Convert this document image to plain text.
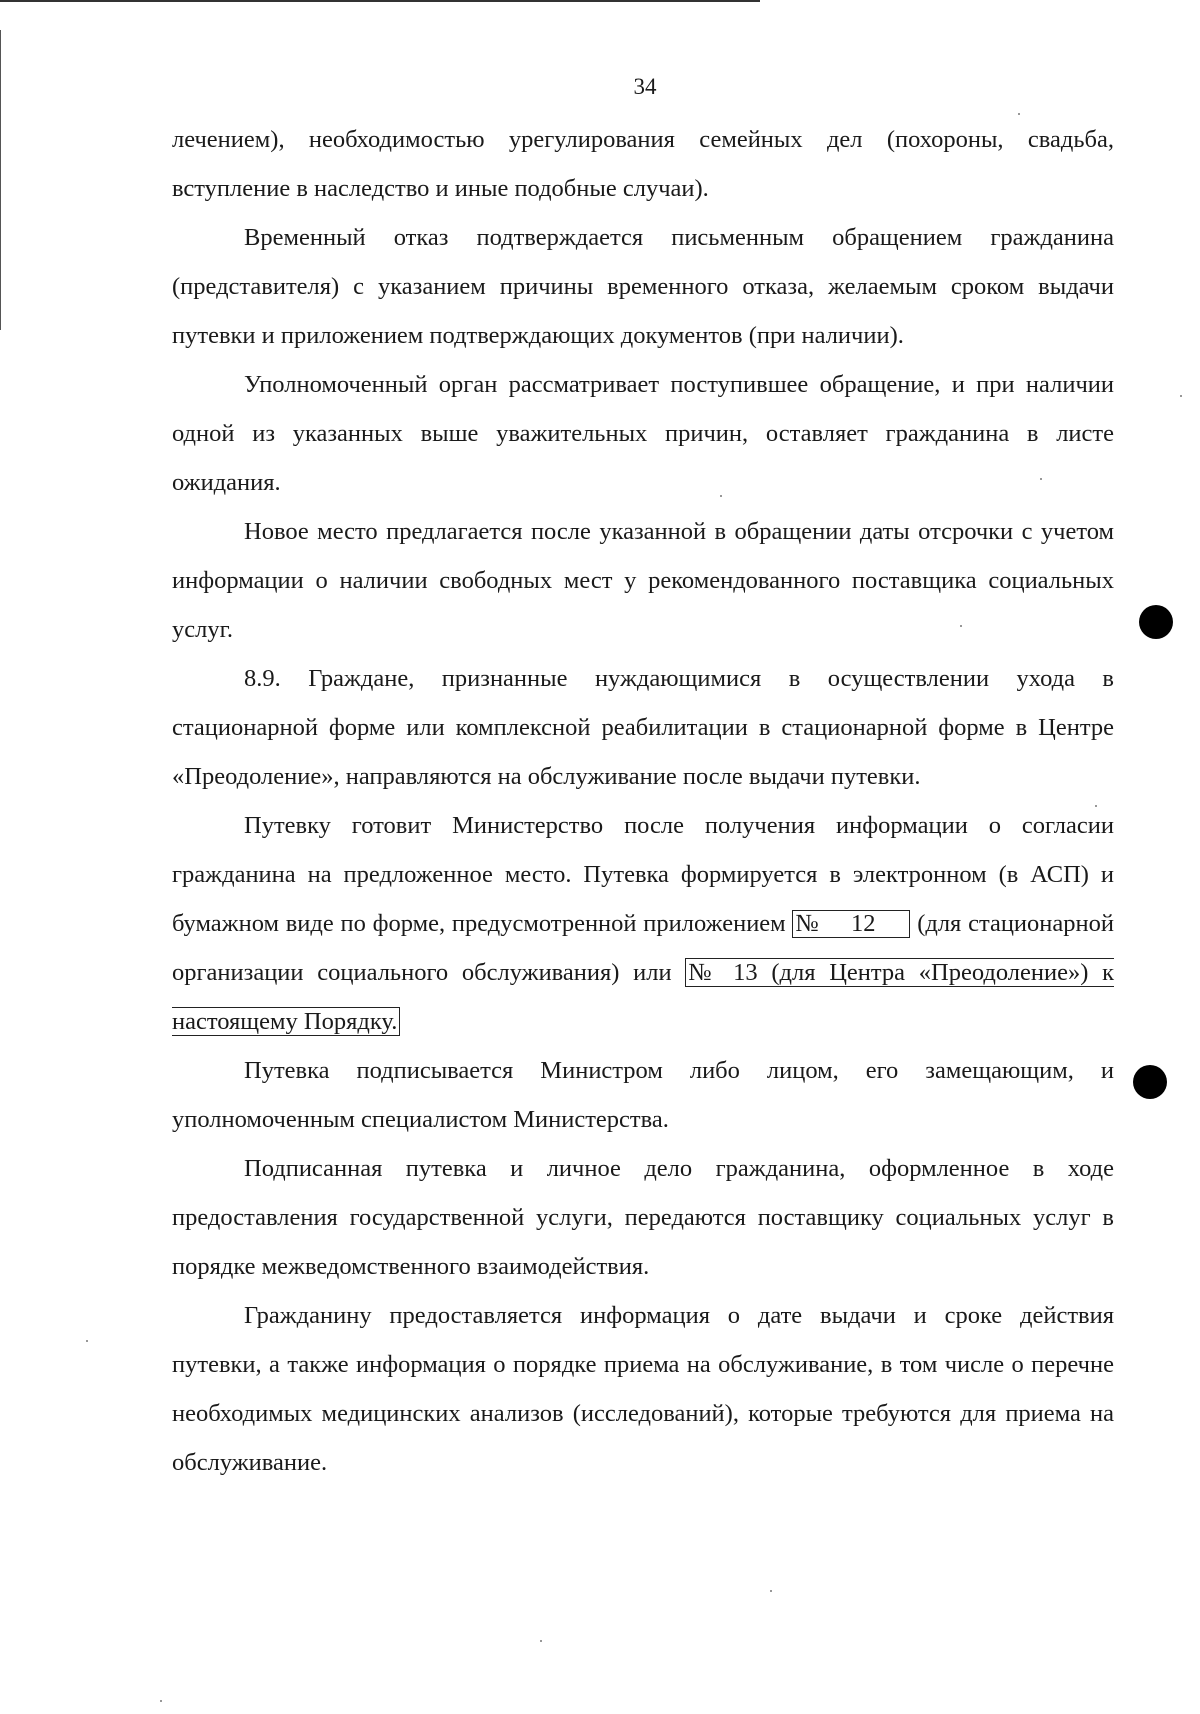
34

лечением), необходимостью урегулирования семейных дел (похороны, свадьба, вступление в наследство и иные подобные случаи).

Временный отказ подтверждается письменным обращением гражданина (представителя) с указанием причины временного отказа, желаемым сроком выдачи путевки и приложением подтверждающих документов (при наличии).

Уполномоченный орган рассматривает поступившее обращение, и при наличии одной из указанных выше уважительных причин, оставляет гражданина в листе ожидания.

Новое место предлагается после указанной в обращении даты отсрочки с учетом информации о наличии свободных мест у рекомендованного поставщика социальных услуг.

8.9. Граждане, признанные нуждающимися в осуществлении ухода в стационарной форме или комплексной реабилитации в стационарной форме в Центре «Преодоление», направляются на обслуживание после выдачи путевки.

Путевку готовит Министерство после получения информации о согласии гражданина на предложенное место. Путевка формируется в электронном (в АСП) и бумажном виде по форме, предусмотренной приложением № 12 (для стационарной организации социального обслуживания) или № 13 (для Центра «Преодоление») к настоящему Порядку.

Путевка подписывается Министром либо лицом, его замещающим, и уполномоченным специалистом Министерства.

Подписанная путевка и личное дело гражданина, оформленное в ходе предоставления государственной услуги, передаются поставщику социальных услуг в порядке межведомственного взаимодействия.

Гражданину предоставляется информация о дате выдачи и сроке действия путевки, а также информация о порядке приема на обслуживание, в том числе о перечне необходимых медицинских анализов (исследований), которые требуются для приема на обслуживание.
